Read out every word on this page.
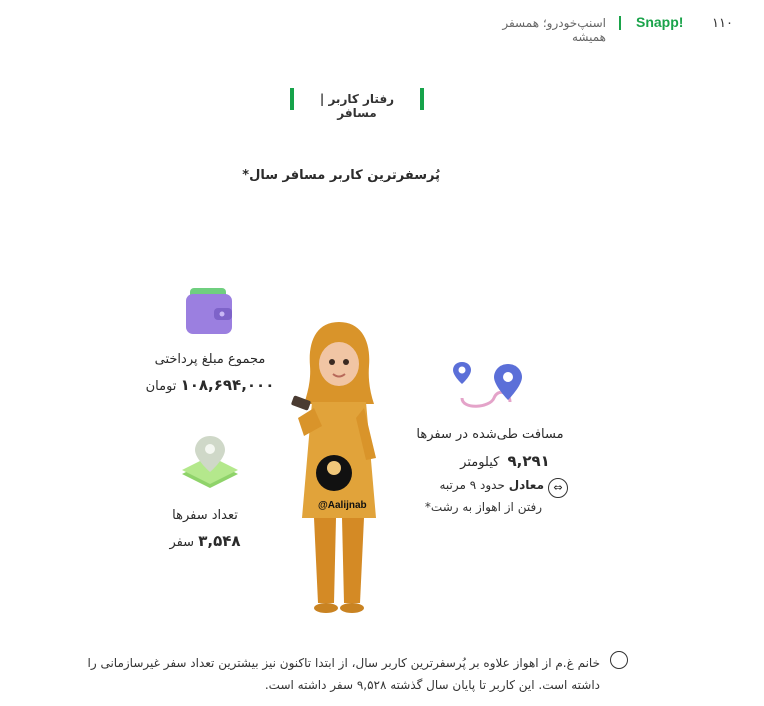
۱۱۰
Snapp!
اسنپ‌خودرو؛ همسفر همیشه
رفتار کاربر | مسافر
پُرسفرترین کاربر مسافر سال*
مجموع مبلغ پرداختی
۱۰۸,۶۹۴,۰۰۰ تومان
تعداد سفرها
۳,۵۴۸ سفر
مسافت طی‌شده در سفرها
۹,۲۹۱ کیلومتر
⇔
معادل حدود ۹ مرتبه
رفتن از اهواز به رشت*
@Aalijnab
خانم غ.م از اهواز علاوه بر پُرسفرترین کاربر سال، از ابتدا تاکنون نیز بیشترین تعداد سفر غیرسازمانی را داشته است. این کاربر تا پایان سال گذشته ۹,۵۲۸ سفر داشته است.
